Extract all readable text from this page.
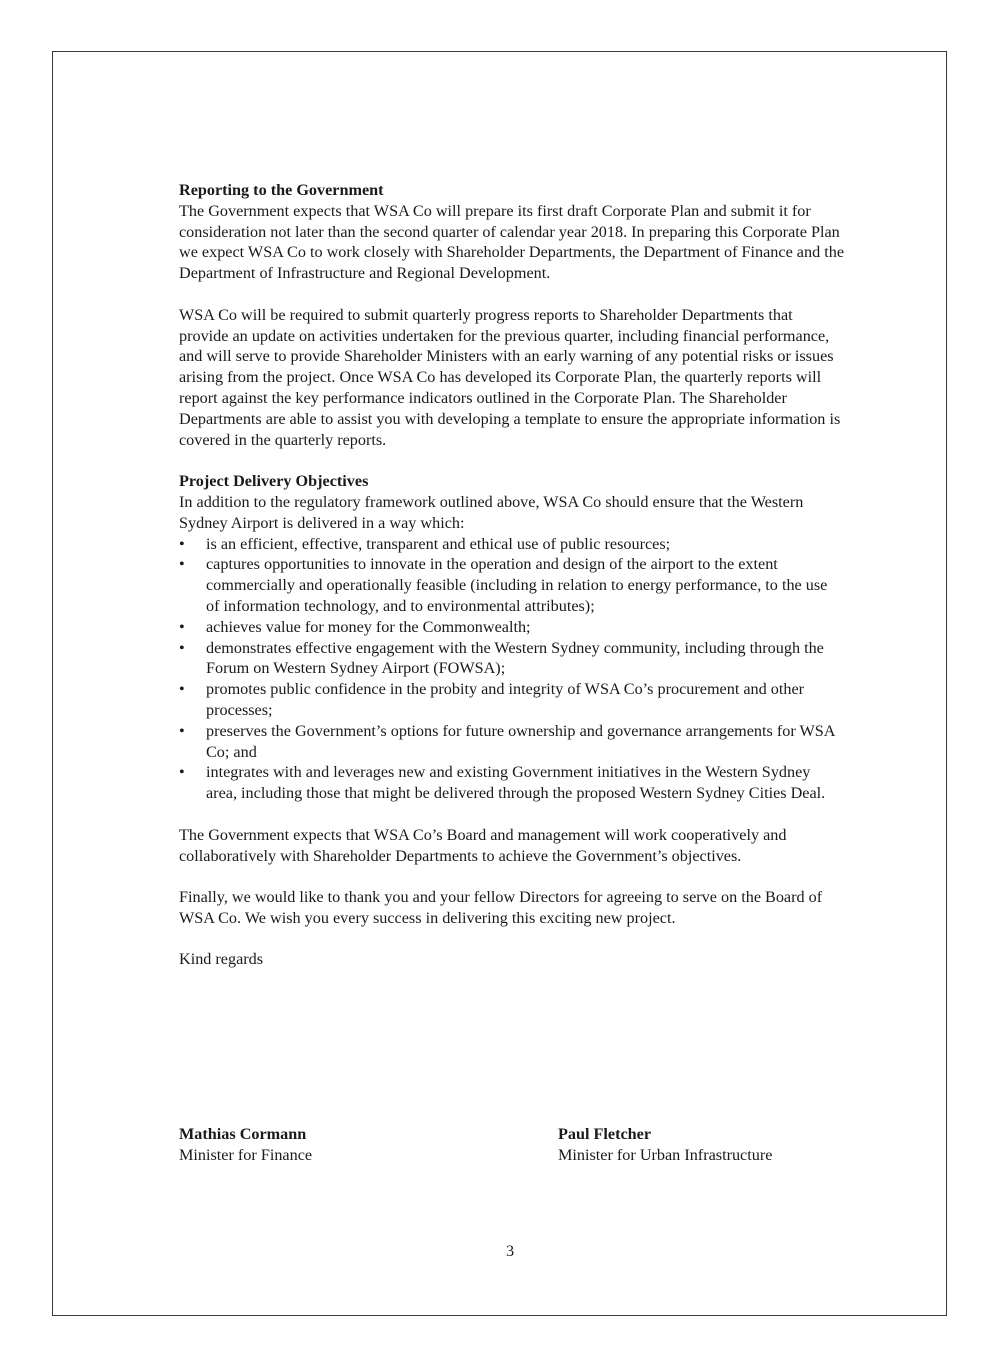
Reporting to the Government

The Government expects that WSA Co will prepare its first draft Corporate Plan and submit it for consideration not later than the second quarter of calendar year 2018. In preparing this Corporate Plan we expect WSA Co to work closely with Shareholder Departments, the Department of Finance and the Department of Infrastructure and Regional Development.

WSA Co will be required to submit quarterly progress reports to Shareholder Departments that provide an update on activities undertaken for the previous quarter, including financial performance, and will serve to provide Shareholder Ministers with an early warning of any potential risks or issues arising from the project. Once WSA Co has developed its Corporate Plan, the quarterly reports will report against the key performance indicators outlined in the Corporate Plan. The Shareholder Departments are able to assist you with developing a template to ensure the appropriate information is covered in the quarterly reports.

Project Delivery Objectives

In addition to the regulatory framework outlined above, WSA Co should ensure that the Western Sydney Airport is delivered in a way which:

• is an efficient, effective, transparent and ethical use of public resources;
• captures opportunities to innovate in the operation and design of the airport to the extent commercially and operationally feasible (including in relation to energy performance, to the use of information technology, and to environmental attributes);
• achieves value for money for the Commonwealth;
• demonstrates effective engagement with the Western Sydney community, including through the Forum on Western Sydney Airport (FOWSA);
• promotes public confidence in the probity and integrity of WSA Co’s procurement and other processes;
• preserves the Government’s options for future ownership and governance arrangements for WSA Co; and
• integrates with and leverages new and existing Government initiatives in the Western Sydney area, including those that might be delivered through the proposed Western Sydney Cities Deal.

The Government expects that WSA Co’s Board and management will work cooperatively and collaboratively with Shareholder Departments to achieve the Government’s objectives.

Finally, we would like to thank you and your fellow Directors for agreeing to serve on the Board of WSA Co. We wish you every success in delivering this exciting new project.

Kind regards

Mathias Cormann
Minister for Finance
Paul Fletcher
Minister for Urban Infrastructure
3
